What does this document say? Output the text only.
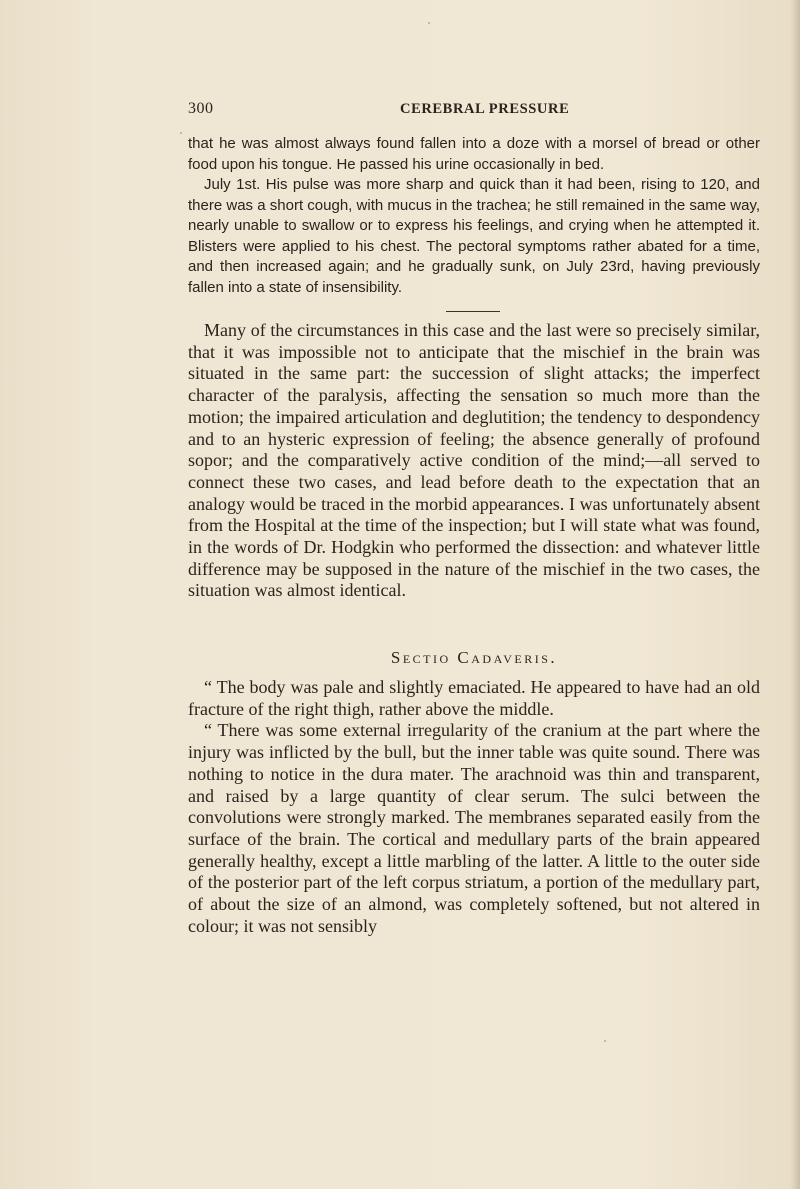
300	CEREBRAL PRESSURE

that he was almost always found fallen into a doze with a morsel of bread or other food upon his tongue. He passed his urine occasionally in bed.

July 1st. His pulse was more sharp and quick than it had been, rising to 120, and there was a short cough, with mucus in the trachea; he still remained in the same way, nearly unable to swallow or to express his feelings, and crying when he attempted it. Blisters were applied to his chest. The pectoral symptoms rather abated for a time, and then increased again; and he gradually sunk, on July 23rd, having previously fallen into a state of insensibility.

Many of the circumstances in this case and the last were so precisely similar, that it was impossible not to anticipate that the mischief in the brain was situated in the same part: the succession of slight attacks; the imperfect character of the paralysis, affecting the sensation so much more than the motion; the impaired articulation and deglutition; the tendency to despondency and to an hysteric expression of feeling; the absence generally of profound sopor; and the comparatively active condition of the mind;—all served to connect these two cases, and lead before death to the expectation that an analogy would be traced in the morbid appearances. I was unfortunately absent from the Hospital at the time of the inspection; but I will state what was found, in the words of Dr. Hodgkin who performed the dissection: and whatever little difference may be supposed in the nature of the mischief in the two cases, the situation was almost identical.

Sectio Cadaveris.

“ The body was pale and slightly emaciated. He appeared to have had an old fracture of the right thigh, rather above the middle.

“ There was some external irregularity of the cranium at the part where the injury was inflicted by the bull, but the inner table was quite sound. There was nothing to notice in the dura mater. The arachnoid was thin and transparent, and raised by a large quantity of clear serum. The sulci between the convolutions were strongly marked. The membranes separated easily from the surface of the brain. The cortical and medullary parts of the brain appeared generally healthy, except a little marbling of the latter. A little to the outer side of the posterior part of the left corpus striatum, a portion of the medullary part, of about the size of an almond, was completely softened, but not altered in colour; it was not sensibly
